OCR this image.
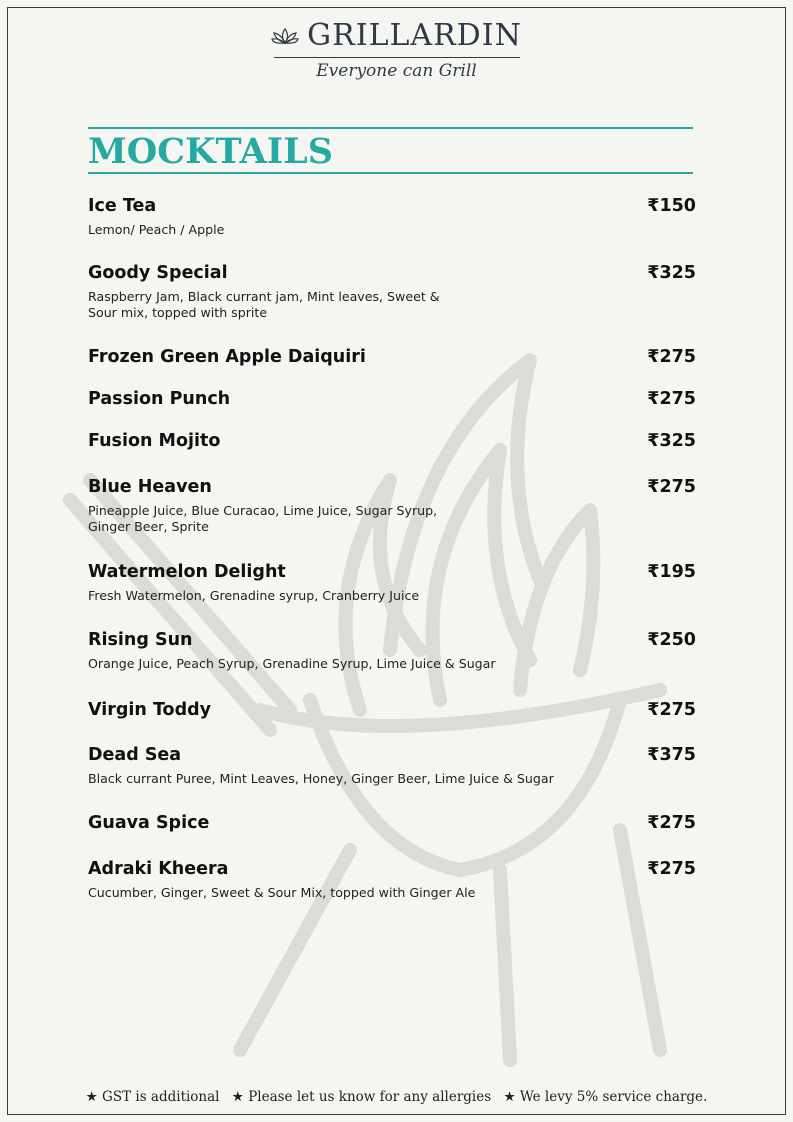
GRILLARDIN
Everyone can Grill
MOCKTAILS
Ice Tea	₹150
Lemon/ Peach / Apple
Goody Special	₹325
Raspberry Jam, Black currant jam, Mint leaves, Sweet & Sour mix, topped with sprite
Frozen Green Apple Daiquiri	₹275
Passion Punch	₹275
Fusion Mojito	₹325
Blue Heaven	₹275
Pineapple Juice, Blue Curacao, Lime Juice, Sugar Syrup, Ginger Beer, Sprite
Watermelon Delight	₹195
Fresh Watermelon, Grenadine syrup, Cranberry Juice
Rising Sun	₹250
Orange Juice, Peach Syrup, Grenadine Syrup, Lime Juice & Sugar
Virgin Toddy	₹275
Dead Sea	₹375
Black currant Puree, Mint Leaves, Honey, Ginger Beer, Lime Juice & Sugar
Guava Spice	₹275
Adraki Kheera	₹275
Cucumber, Ginger, Sweet & Sour Mix, topped with Ginger Ale
★ GST is additional ★ Please let us know for any allergies ★ We levy 5% service charge.
